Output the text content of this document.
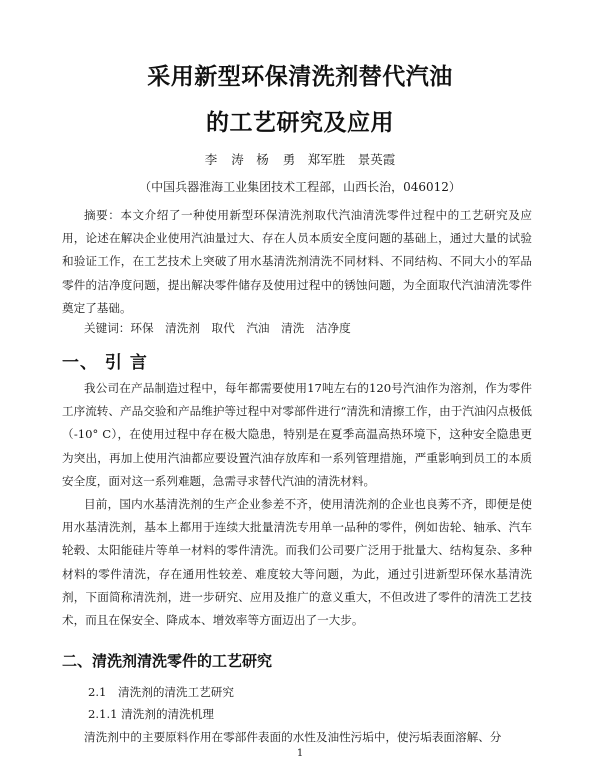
采用新型环保清洗剂替代汽油
的工艺研究及应用
李 涛　杨 勇　郑军胜　景英霞
（中国兵器淮海工业集团技术工程部，山西长治，046012）

摘要：本文介绍了一种使用新型环保清洗剂取代汽油清洗零件过程中的工艺研究及应用，论述在解决企业使用汽油量过大、存在人员本质安全度问题的基础上，通过大量的试验和验证工作，在工艺技术上突破了用水基清洗剂清洗不同材料、不同结构、不同大小的军品零件的洁净度问题，提出解决零件储存及使用过程中的锈蚀问题，为全面取代汽油清洗零件奠定了基础。

关键词：环保　清洗剂　取代　汽油　清洗　洁净度

一、 引 言

我公司在产品制造过程中，每年都需要使用17吨左右的120号汽油作为溶剂，作为零件工序流转、产品交验和产品维护等过程中对零部件进行“清洗和清擦工作，由于汽油闪点极低（-10° C），在使用过程中存在极大隐患，特别是在夏季高温高热环境下，这种安全隐患更为突出，再加上使用汽油都应要设置汽油存放库和一系列管理措施，严重影响到员工的本质安全度，面对这一系列难题，急需寻求替代汽油的清洗材料。

目前，国内水基清洗剂的生产企业参差不齐，使用清洗剂的企业也良莠不齐，即便是使用水基清洗剂，基本上都用于连续大批量清洗专用单一品种的零件，例如齿轮、轴承、汽车轮毂、太阳能硅片等单一材料的零件清洗。而我们公司要广泛用于批量大、结构复杂、多种材料的零件清洗，存在通用性较差、难度较大等问题，为此，通过引进新型环保水基清洗剂，下面简称清洗剂，进一步研究、应用及推广的意义重大，不但改进了零件的清洗工艺技术，而且在保安全、降成本、增效率等方面迈出了一大步。

二、清洗剂清洗零件的工艺研究

2.1　清洗剂的清洗工艺研究

2.1.1 清洗剂的清洗机理

清洗剂中的主要原料作用在零部件表面的水性及油性污垢中，使污垢表面溶解、分

1
